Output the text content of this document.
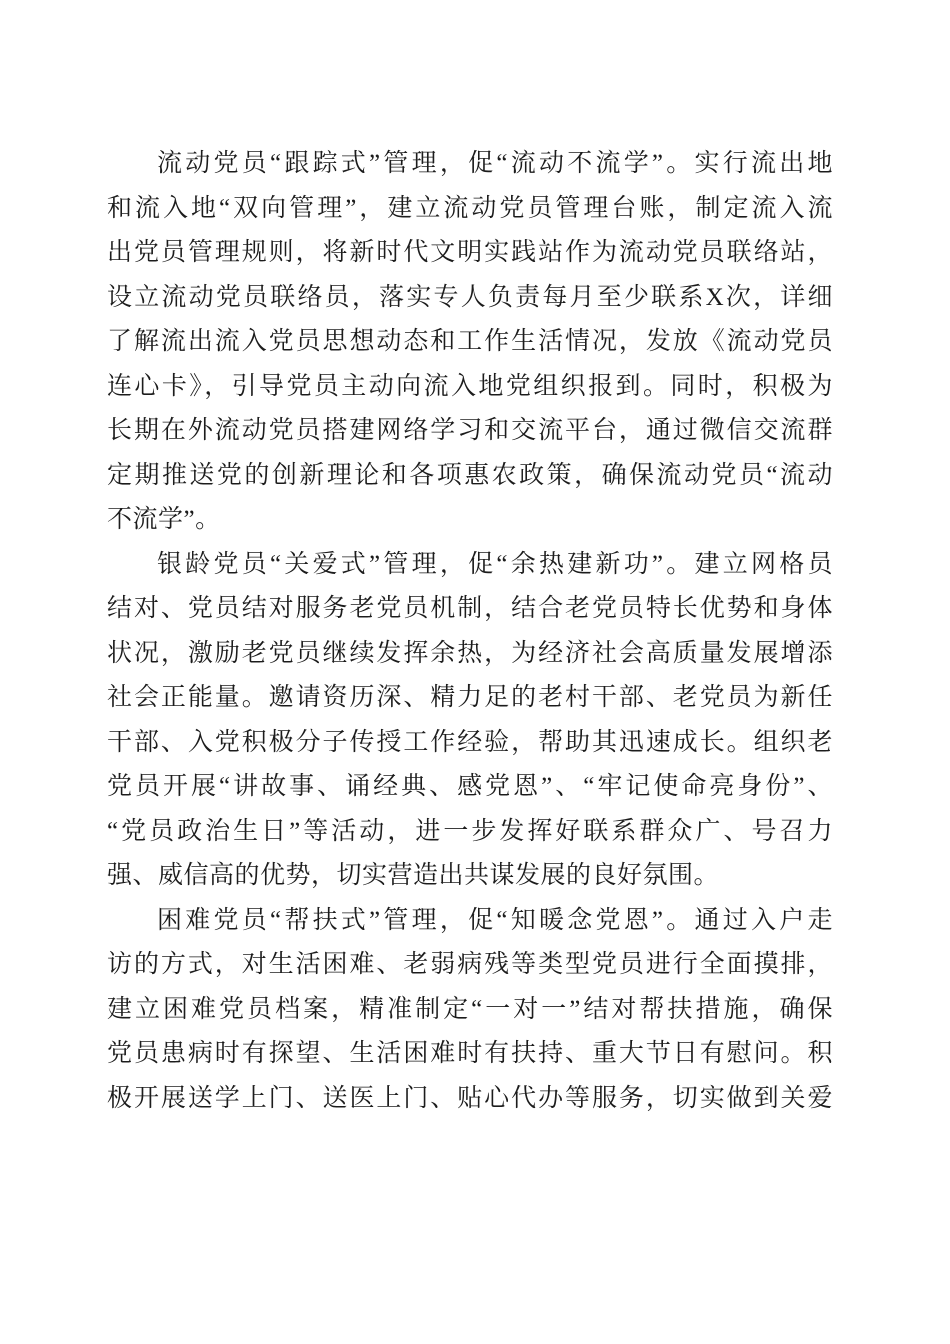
流动党员“跟踪式”管理，促“流动不流学”。实行流出地
和流入地“双向管理”，建立流动党员管理台账，制定流入流
出党员管理规则，将新时代文明实践站作为流动党员联络站，
设立流动党员联络员，落实专人负责每月至少联系X次，详细
了解流出流入党员思想动态和工作生活情况，发放《流动党员
连心卡》，引导党员主动向流入地党组织报到。同时，积极为
长期在外流动党员搭建网络学习和交流平台，通过微信交流群
定期推送党的创新理论和各项惠农政策，确保流动党员“流动
不流学”。
银龄党员“关爱式”管理，促“余热建新功”。建立网格员
结对、党员结对服务老党员机制，结合老党员特长优势和身体
状况，激励老党员继续发挥余热，为经济社会高质量发展增添
社会正能量。邀请资历深、精力足的老村干部、老党员为新任
干部、入党积极分子传授工作经验，帮助其迅速成长。组织老
党员开展“讲故事、诵经典、感党恩”、“牢记使命亮身份”、
“党员政治生日”等活动，进一步发挥好联系群众广、号召力
强、威信高的优势，切实营造出共谋发展的良好氛围。
困难党员“帮扶式”管理，促“知暖念党恩”。通过入户走
访的方式，对生活困难、老弱病残等类型党员进行全面摸排，
建立困难党员档案，精准制定“一对一”结对帮扶措施，确保
党员患病时有探望、生活困难时有扶持、重大节日有慰问。积
极开展送学上门、送医上门、贴心代办等服务，切实做到关爱
